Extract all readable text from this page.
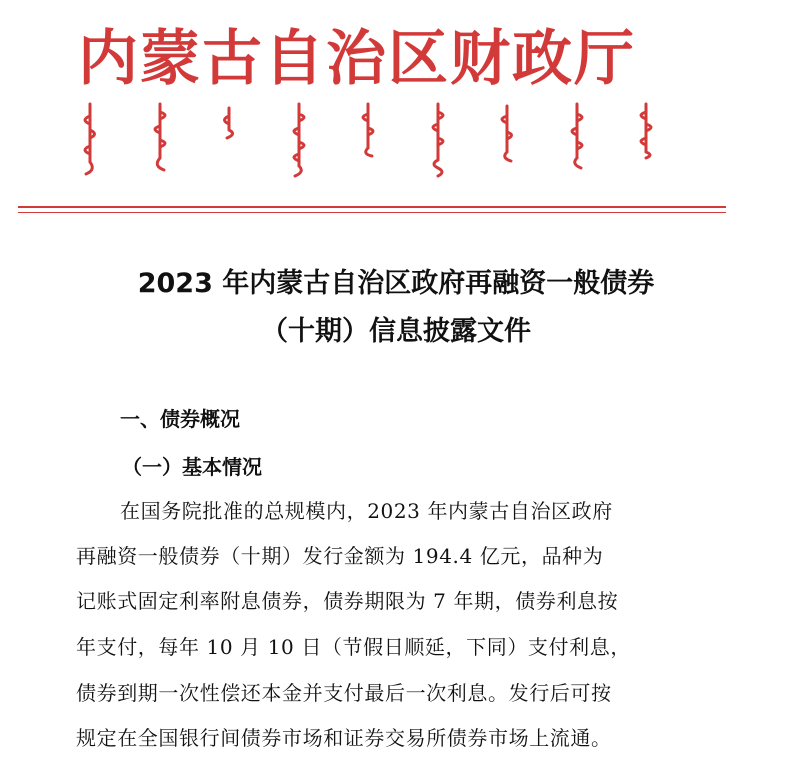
内蒙古自治区财政厅
2023 年内蒙古自治区政府再融资一般债券
（十期）信息披露文件
一、债券概况
（一）基本情况
在国务院批准的总规模内，2023 年内蒙古自治区政府
再融资一般债券（十期）发行金额为 194.4 亿元，品种为
记账式固定利率附息债券，债券期限为 7 年期，债券利息按
年支付，每年 10 月 10 日（节假日顺延，下同）支付利息，
债券到期一次性偿还本金并支付最后一次利息。发行后可按
规定在全国银行间债券市场和证券交易所债券市场上流通。
